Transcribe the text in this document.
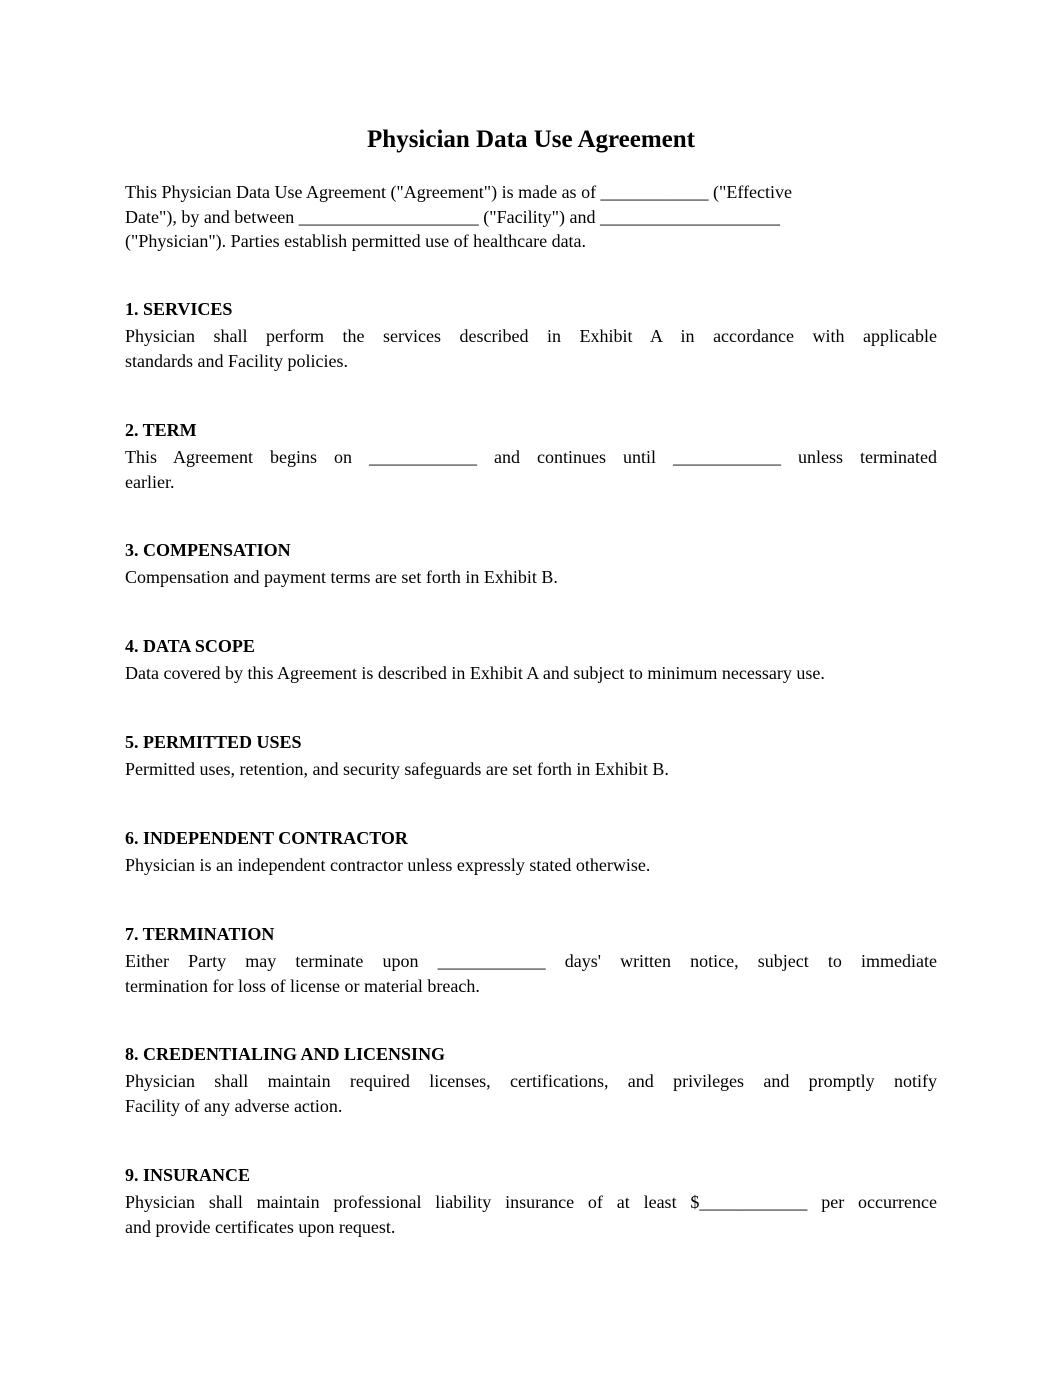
Physician Data Use Agreement
This Physician Data Use Agreement ("Agreement") is made as of ____________ ("Effective
Date"), by and between ____________________ ("Facility") and ____________________
("Physician"). Parties establish permitted use of healthcare data.
1. SERVICES

Physician shall perform the services described in Exhibit A in accordance with applicable
standards and Facility policies.

2. TERM

This Agreement begins on ____________ and continues until ____________ unless terminated
earlier.

3. COMPENSATION

Compensation and payment terms are set forth in Exhibit B.

4. DATA SCOPE

Data covered by this Agreement is described in Exhibit A and subject to minimum necessary use.

5. PERMITTED USES

Permitted uses, retention, and security safeguards are set forth in Exhibit B.

6. INDEPENDENT CONTRACTOR

Physician is an independent contractor unless expressly stated otherwise.

7. TERMINATION

Either Party may terminate upon ____________ days' written notice, subject to immediate
termination for loss of license or material breach.

8. CREDENTIALING AND LICENSING

Physician shall maintain required licenses, certifications, and privileges and promptly notify
Facility of any adverse action.

9. INSURANCE

Physician shall maintain professional liability insurance of at least $____________ per occurrence
and provide certificates upon request.
